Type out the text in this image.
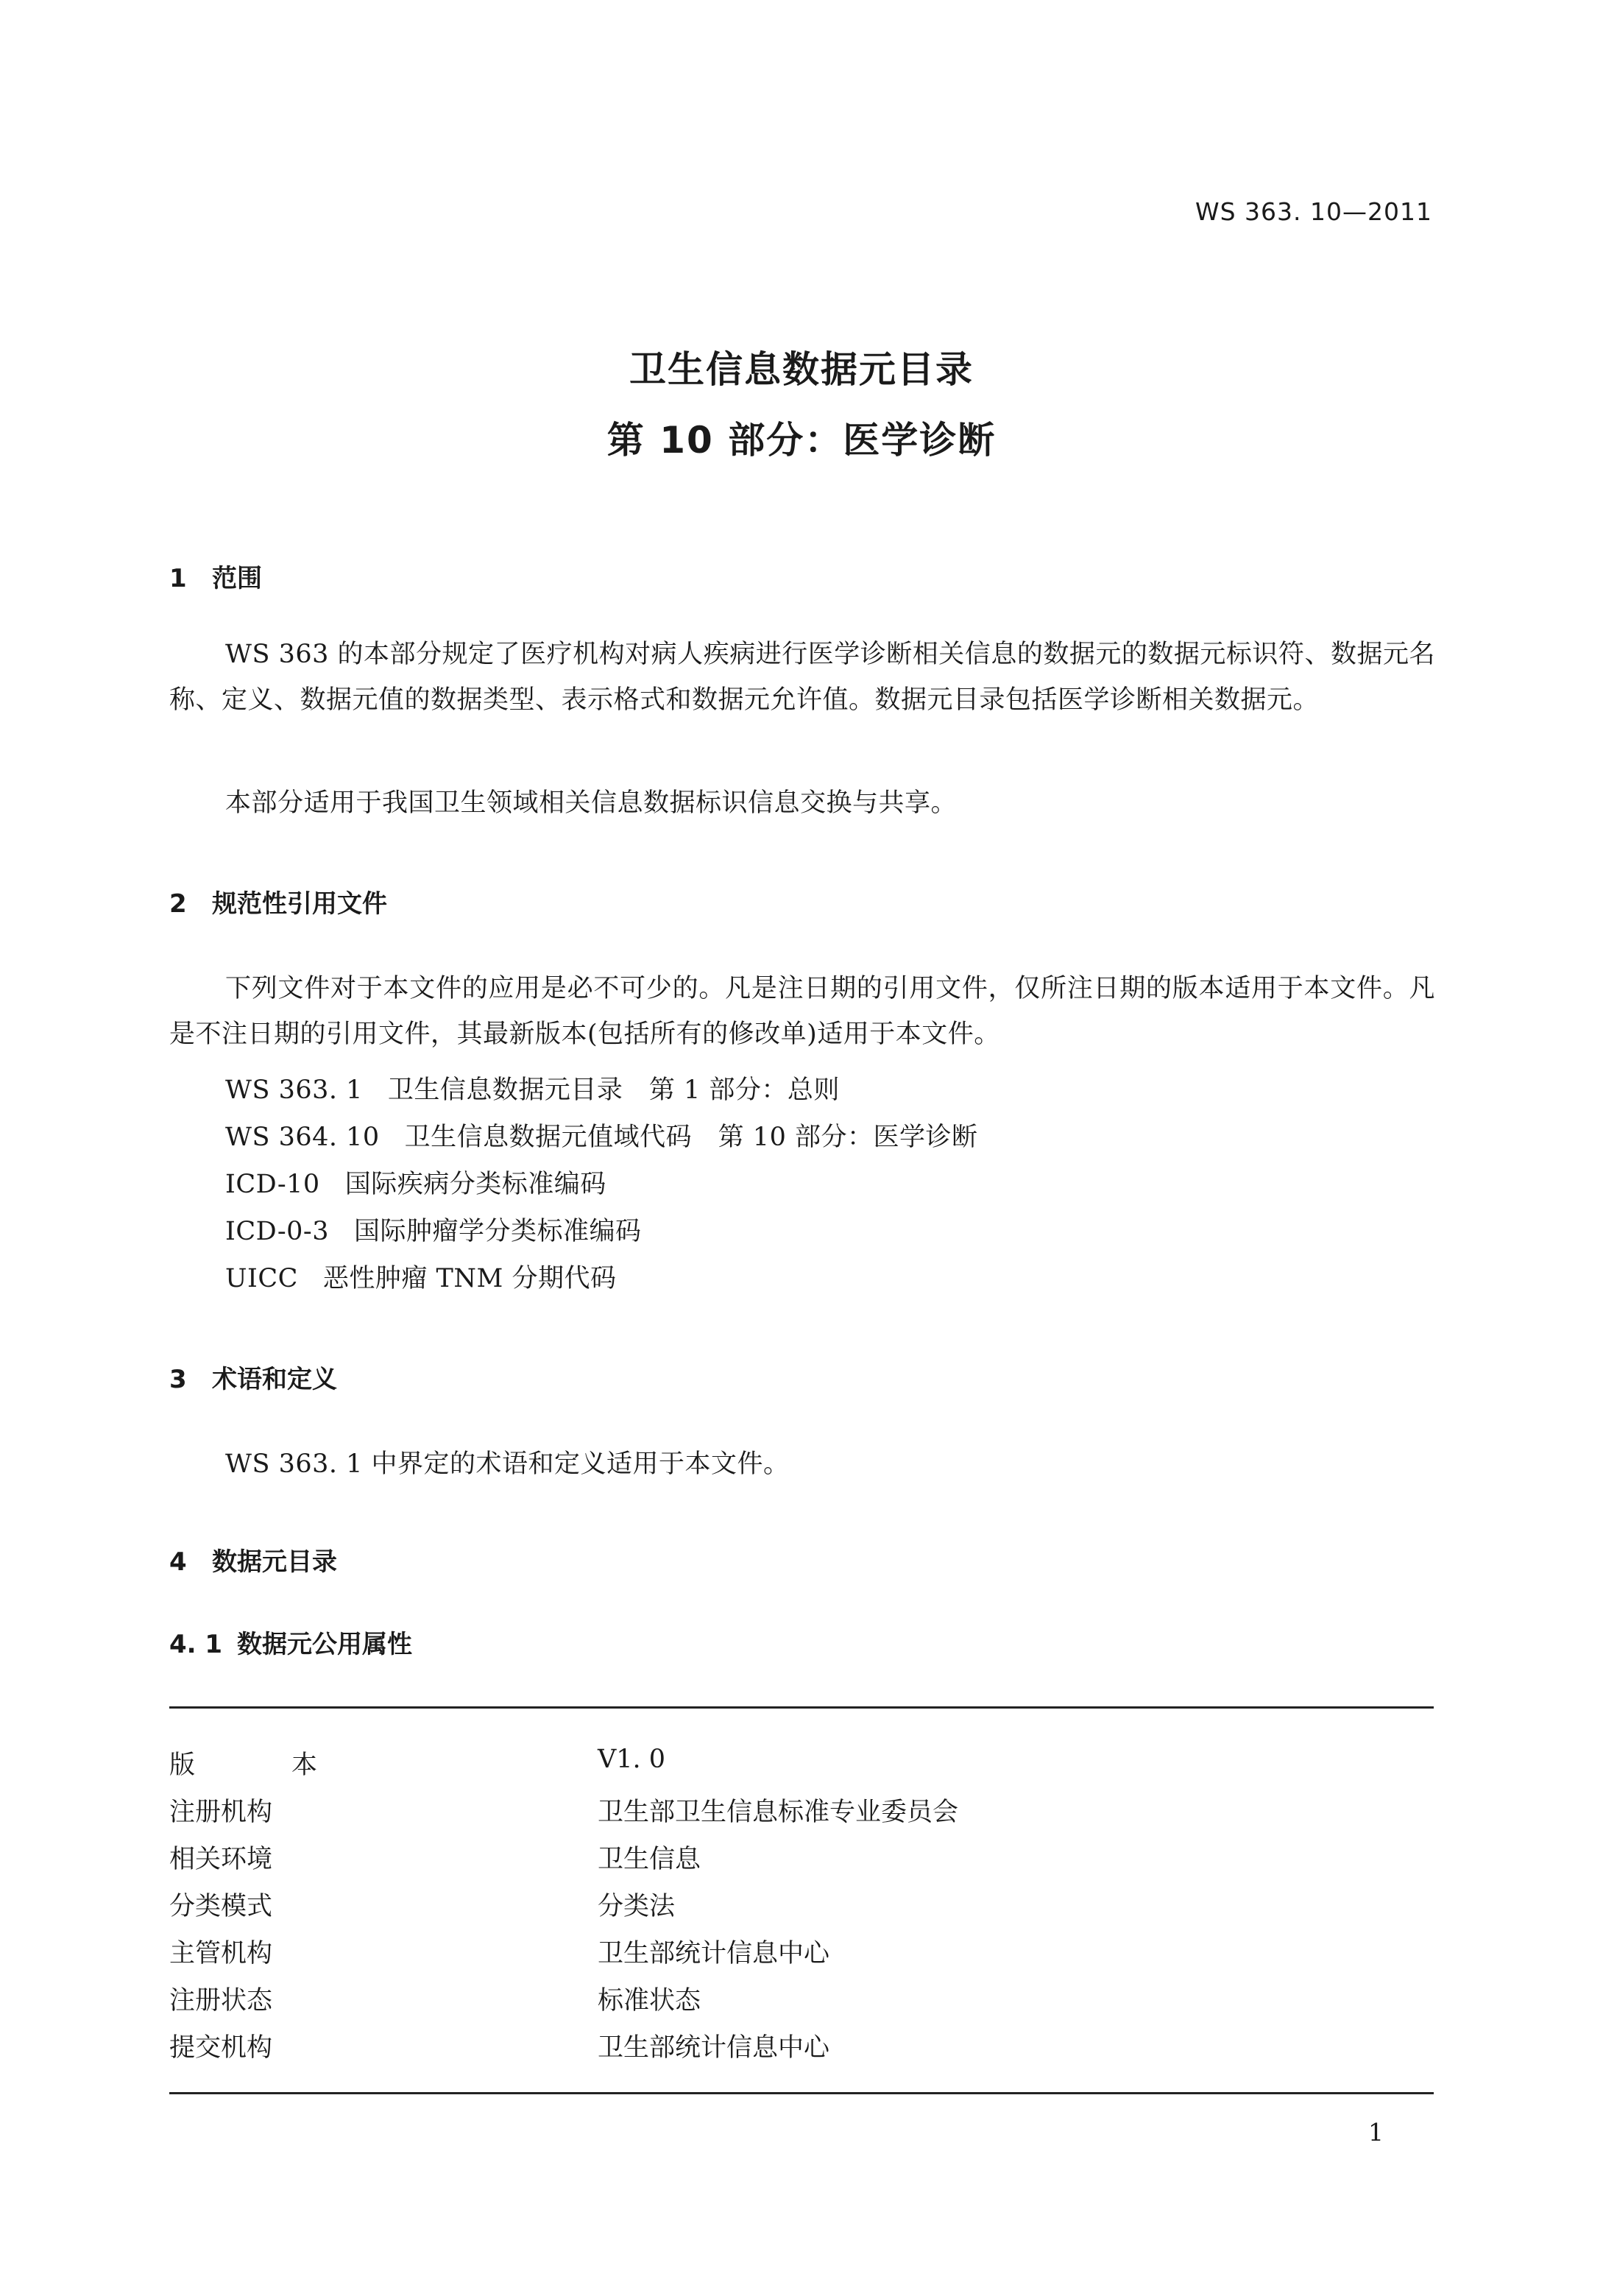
WS 363. 10—2011
卫生信息数据元目录
第 10 部分：医学诊断
1 范围
WS 363 的本部分规定了医疗机构对病人疾病进行医学诊断相关信息的数据元的数据元标识符、数据元名称、定义、数据元值的数据类型、表示格式和数据元允许值。数据元目录包括医学诊断相关数据元。
本部分适用于我国卫生领域相关信息数据标识信息交换与共享。
2 规范性引用文件
下列文件对于本文件的应用是必不可少的。凡是注日期的引用文件，仅所注日期的版本适用于本文件。凡是不注日期的引用文件，其最新版本(包括所有的修改单)适用于本文件。
WS 363. 1 卫生信息数据元目录　第 1 部分：总则
WS 364. 10 卫生信息数据元值域代码　第 10 部分：医学诊断
ICD-10 国际疾病分类标准编码
ICD-0-3 国际肿瘤学分类标准编码
UICC 恶性肿瘤 TNM 分期代码
3 术语和定义
WS 363. 1 中界定的术语和定义适用于本文件。
4 数据元目录
4. 1 数据元公用属性
版　本	V1. 0
注册机构	卫生部卫生信息标准专业委员会
相关环境	卫生信息
分类模式	分类法
主管机构	卫生部统计信息中心
注册状态	标准状态
提交机构	卫生部统计信息中心
1
